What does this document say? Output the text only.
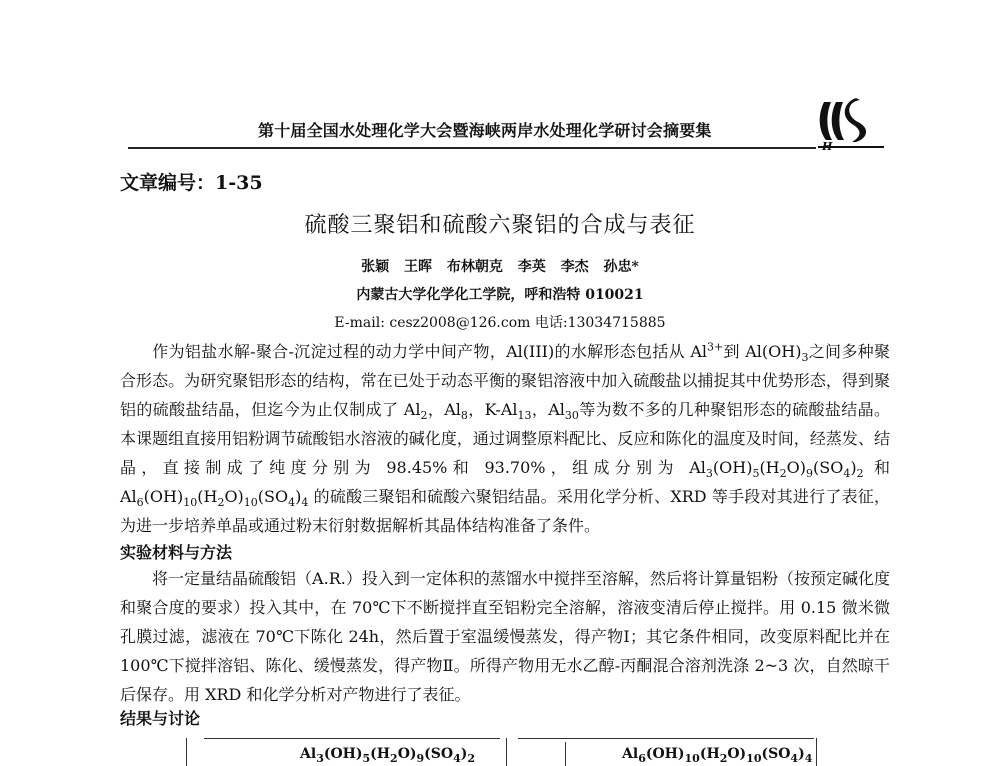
第十届全国水处理化学大会暨海峡两岸水处理化学研讨会摘要集
H
文章编号：1-35
硫酸三聚铝和硫酸六聚铝的合成与表征
张颖 王晖 布林朝克 李英 李杰 孙忠*
内蒙古大学化学化工学院，呼和浩特 010021
E-mail: cesz2008@126.com 电话:13034715885

  作为铝盐水解-聚合-沉淀过程的动力学中间产物，Al(III)的水解形态包括从 $Al^{3+}$到 $Al(OH)_3$之间多种聚合形态。为研究聚铝形态的结构，常在已处于动态平衡的聚铝溶液中加入硫酸盐以捕捉其中优势形态，得到聚铝的硫酸盐结晶，但迄今为止仅制成了 $Al_2$，$Al_8$，$K-Al_{13}$，$Al_{30}$等为数不多的几种聚铝形态的硫酸盐结晶。本课题组直接用铝粉调节硫酸铝水溶液的碱化度，通过调整原料配比、反应和陈化的温度及时间，经蒸发、结晶，直接制成了纯度分别为 98.45%和 93.70%，组成分别为 $Al_3(OH)_5(H_2O)_9(SO_4)_2$ 和 $Al_6(OH)_{10}(H_2O)_{10}(SO_4)_4$ 的硫酸三聚铝和硫酸六聚铝结晶。采用化学分析、XRD 等手段对其进行了表征，为进一步培养单晶或通过粉末衍射数据解析其晶体结构准备了条件。

实验材料与方法

  将一定量结晶硫酸铝（A.R.）投入到一定体积的蒸馏水中搅拌至溶解，然后将计算量铝粉（按预定碱化度和聚合度的要求）投入其中，在 70℃下不断搅拌直至铝粉完全溶解，溶液变清后停止搅拌。用 0.15 微米微孔膜过滤，滤液在 70℃下陈化 24h，然后置于室温缓慢蒸发，得产物Ⅰ；其它条件相同，改变原料配比并在 100℃下搅拌溶铝、陈化、缓慢蒸发，得产物Ⅱ。所得产物用无水乙醇-丙酮混合溶剂洗涤 2~3 次，自然晾干后保存。用 XRD 和化学分析对产物进行了表征。

结果与讨论
$Al_3(OH)_5(H_2O)_9(SO_4)_2$	$Al_6(OH)_{10}(H_2O)_{10}(SO_4)_4$
